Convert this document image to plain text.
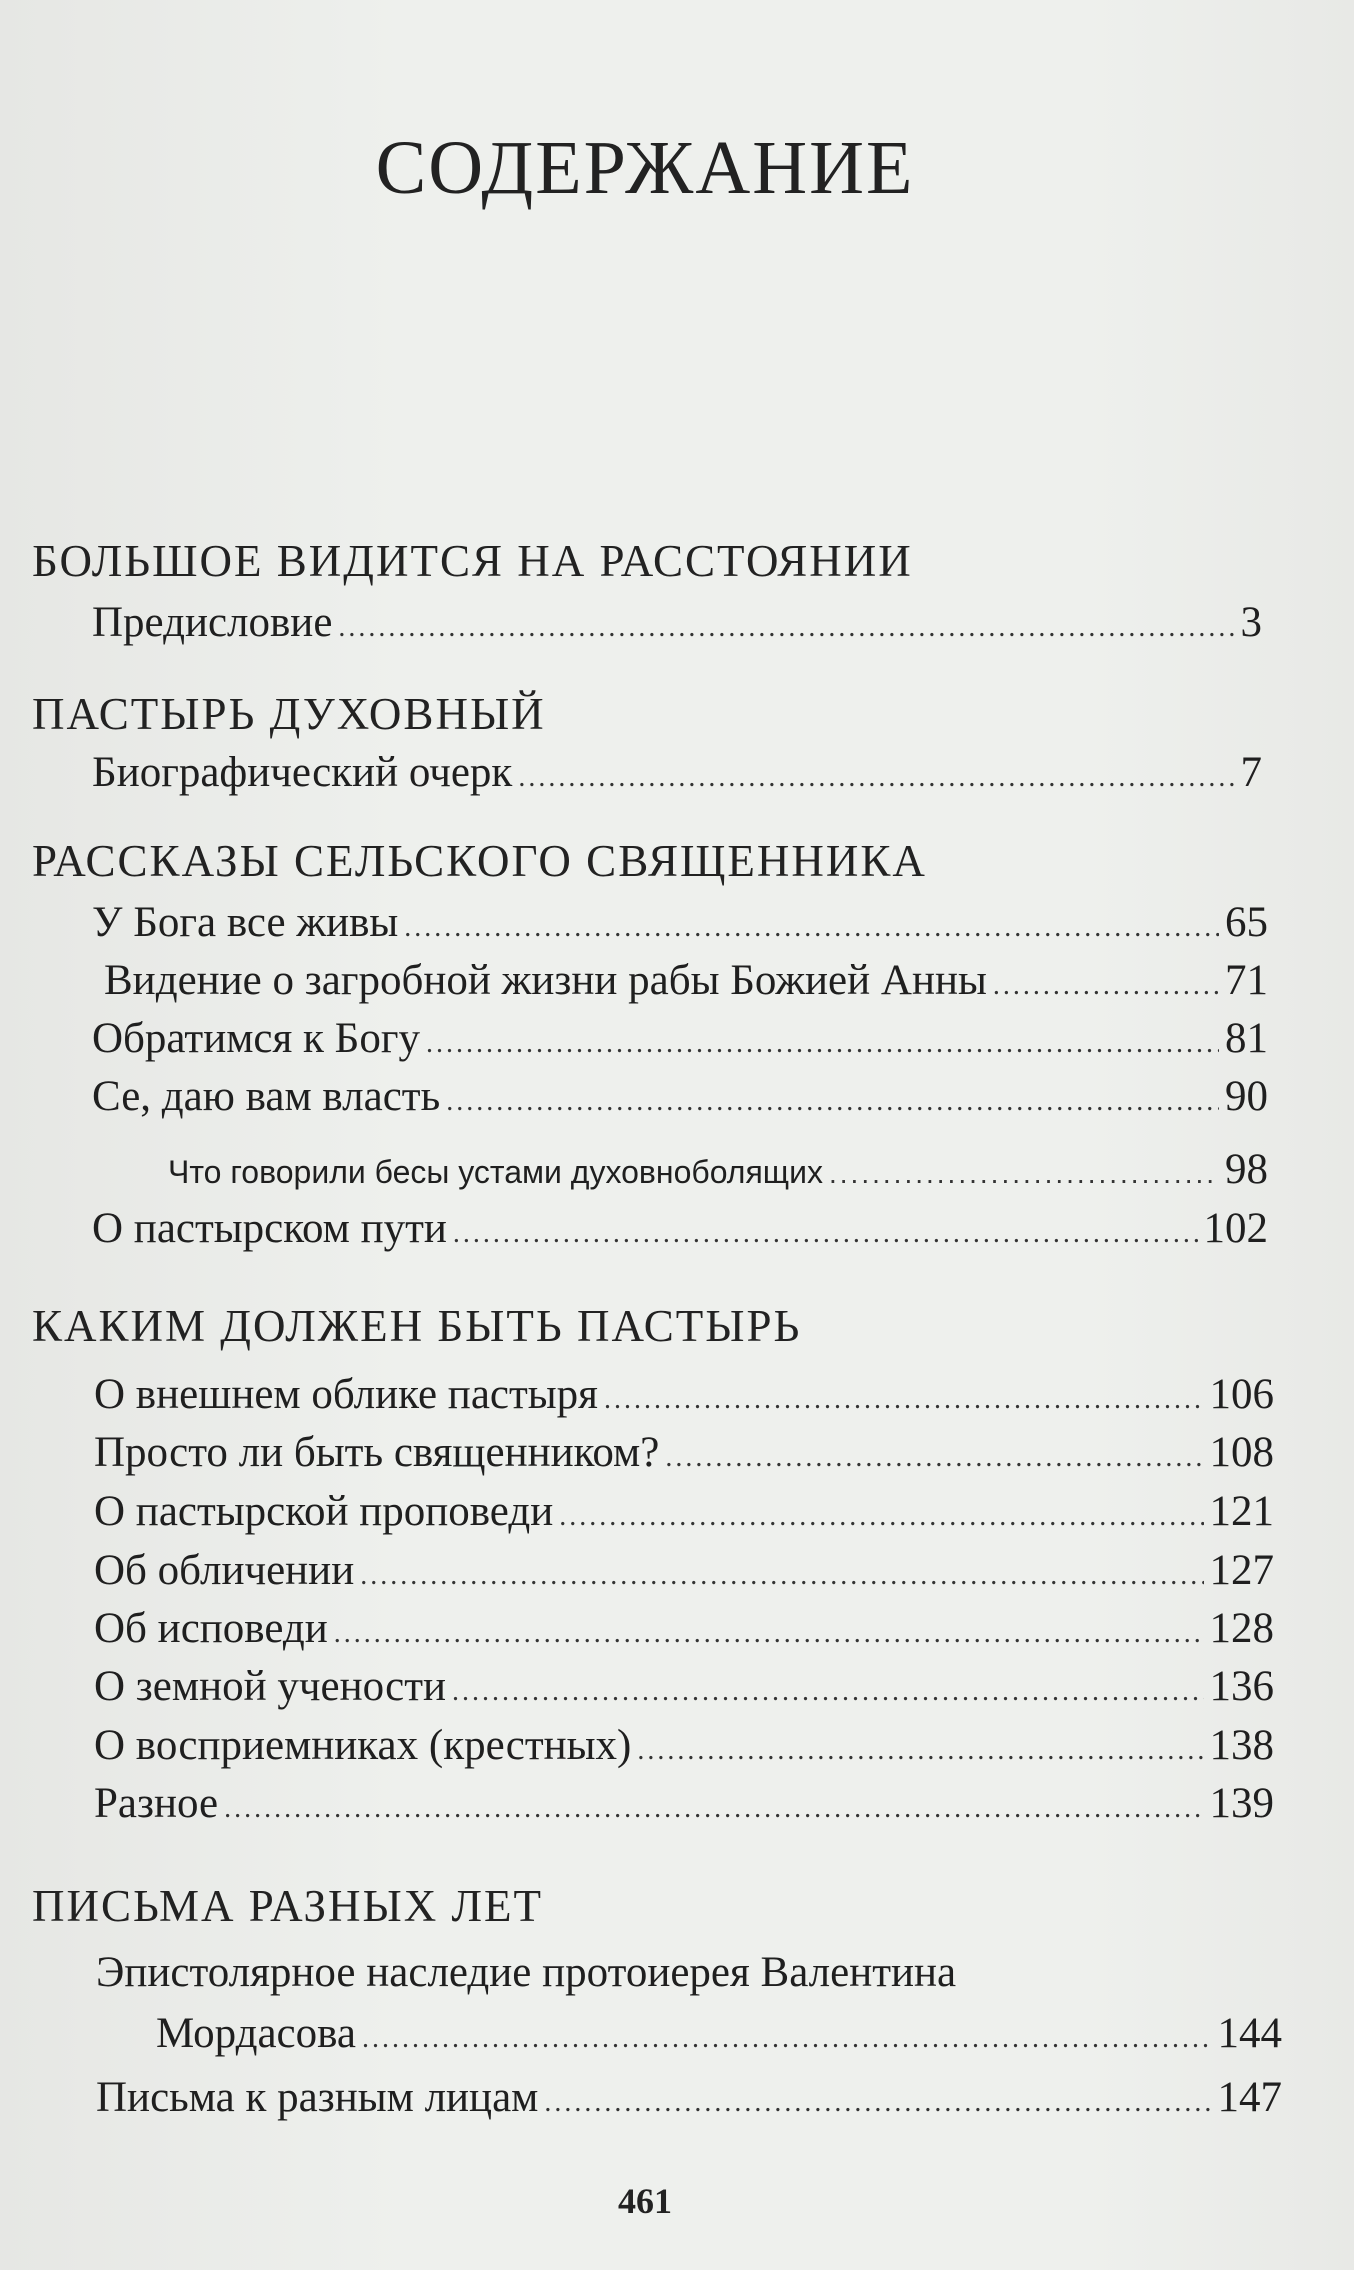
СОДЕРЖАНИЕ
БОЛЬШОЕ ВИДИТСЯ НА РАССТОЯНИИ
Предисловие .....	3
ПАСТЫРЬ ДУХОВНЫЙ
Биографический очерк .....	7
РАССКАЗЫ СЕЛЬСКОГО СВЯЩЕННИКА
У Бога все живы .....	65
Видение о загробной жизни рабы Божией Анны .....	71
Обратимся к Богу .....	81
Се, даю вам власть .....	90
Что говорили бесы устами духовноболящих .....	98
О пастырском пути .....	102
КАКИМ ДОЛЖЕН БЫТЬ ПАСТЫРЬ
О внешнем облике пастыря .....	106
Просто ли быть священником? .....	108
О пастырской проповеди .....	121
Об обличении .....	127
Об исповеди .....	128
О земной учености .....	136
О восприемниках (крестных) .....	138
Разное .....	139
ПИСЬМА РАЗНЫХ ЛЕТ
Эпистолярное наследие протоиерея Валентина
Мордасова .....	144
Письма к разным лицам .....	147
461
